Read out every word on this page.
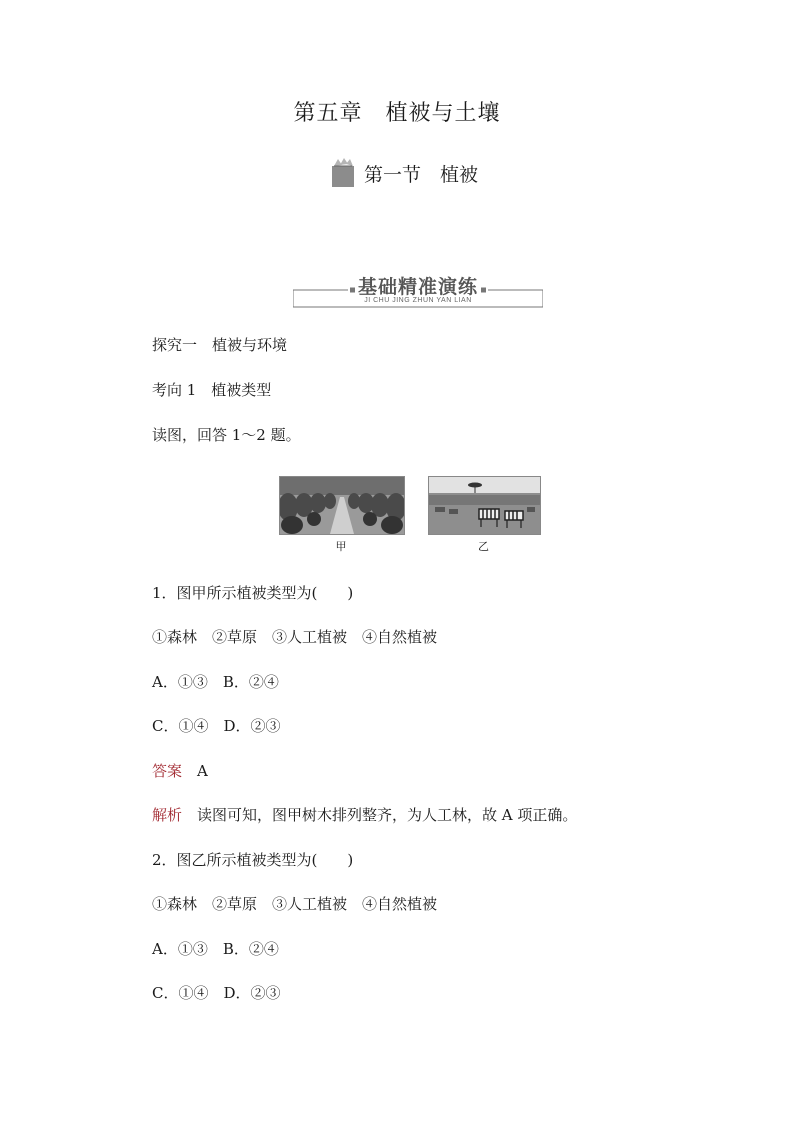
第五章　植被与土壤
第一节　植被
基础精准演练
JI CHU JING ZHUN YAN LIAN
探究一　植被与环境
考向 1　植被类型
读图，回答 1～2 题。
甲	乙
1．图甲所示植被类型为(　　)
①森林　②草原　③人工植被　④自然植被
A．①③　B．②④
C．①④　D．②③
答案　 A
解析　 读图可知，图甲树木排列整齐，为人工林，故 A 项正确。
2．图乙所示植被类型为(　　)
①森林　②草原　③人工植被　④自然植被
A．①③　B．②④
C．①④　D．②③
